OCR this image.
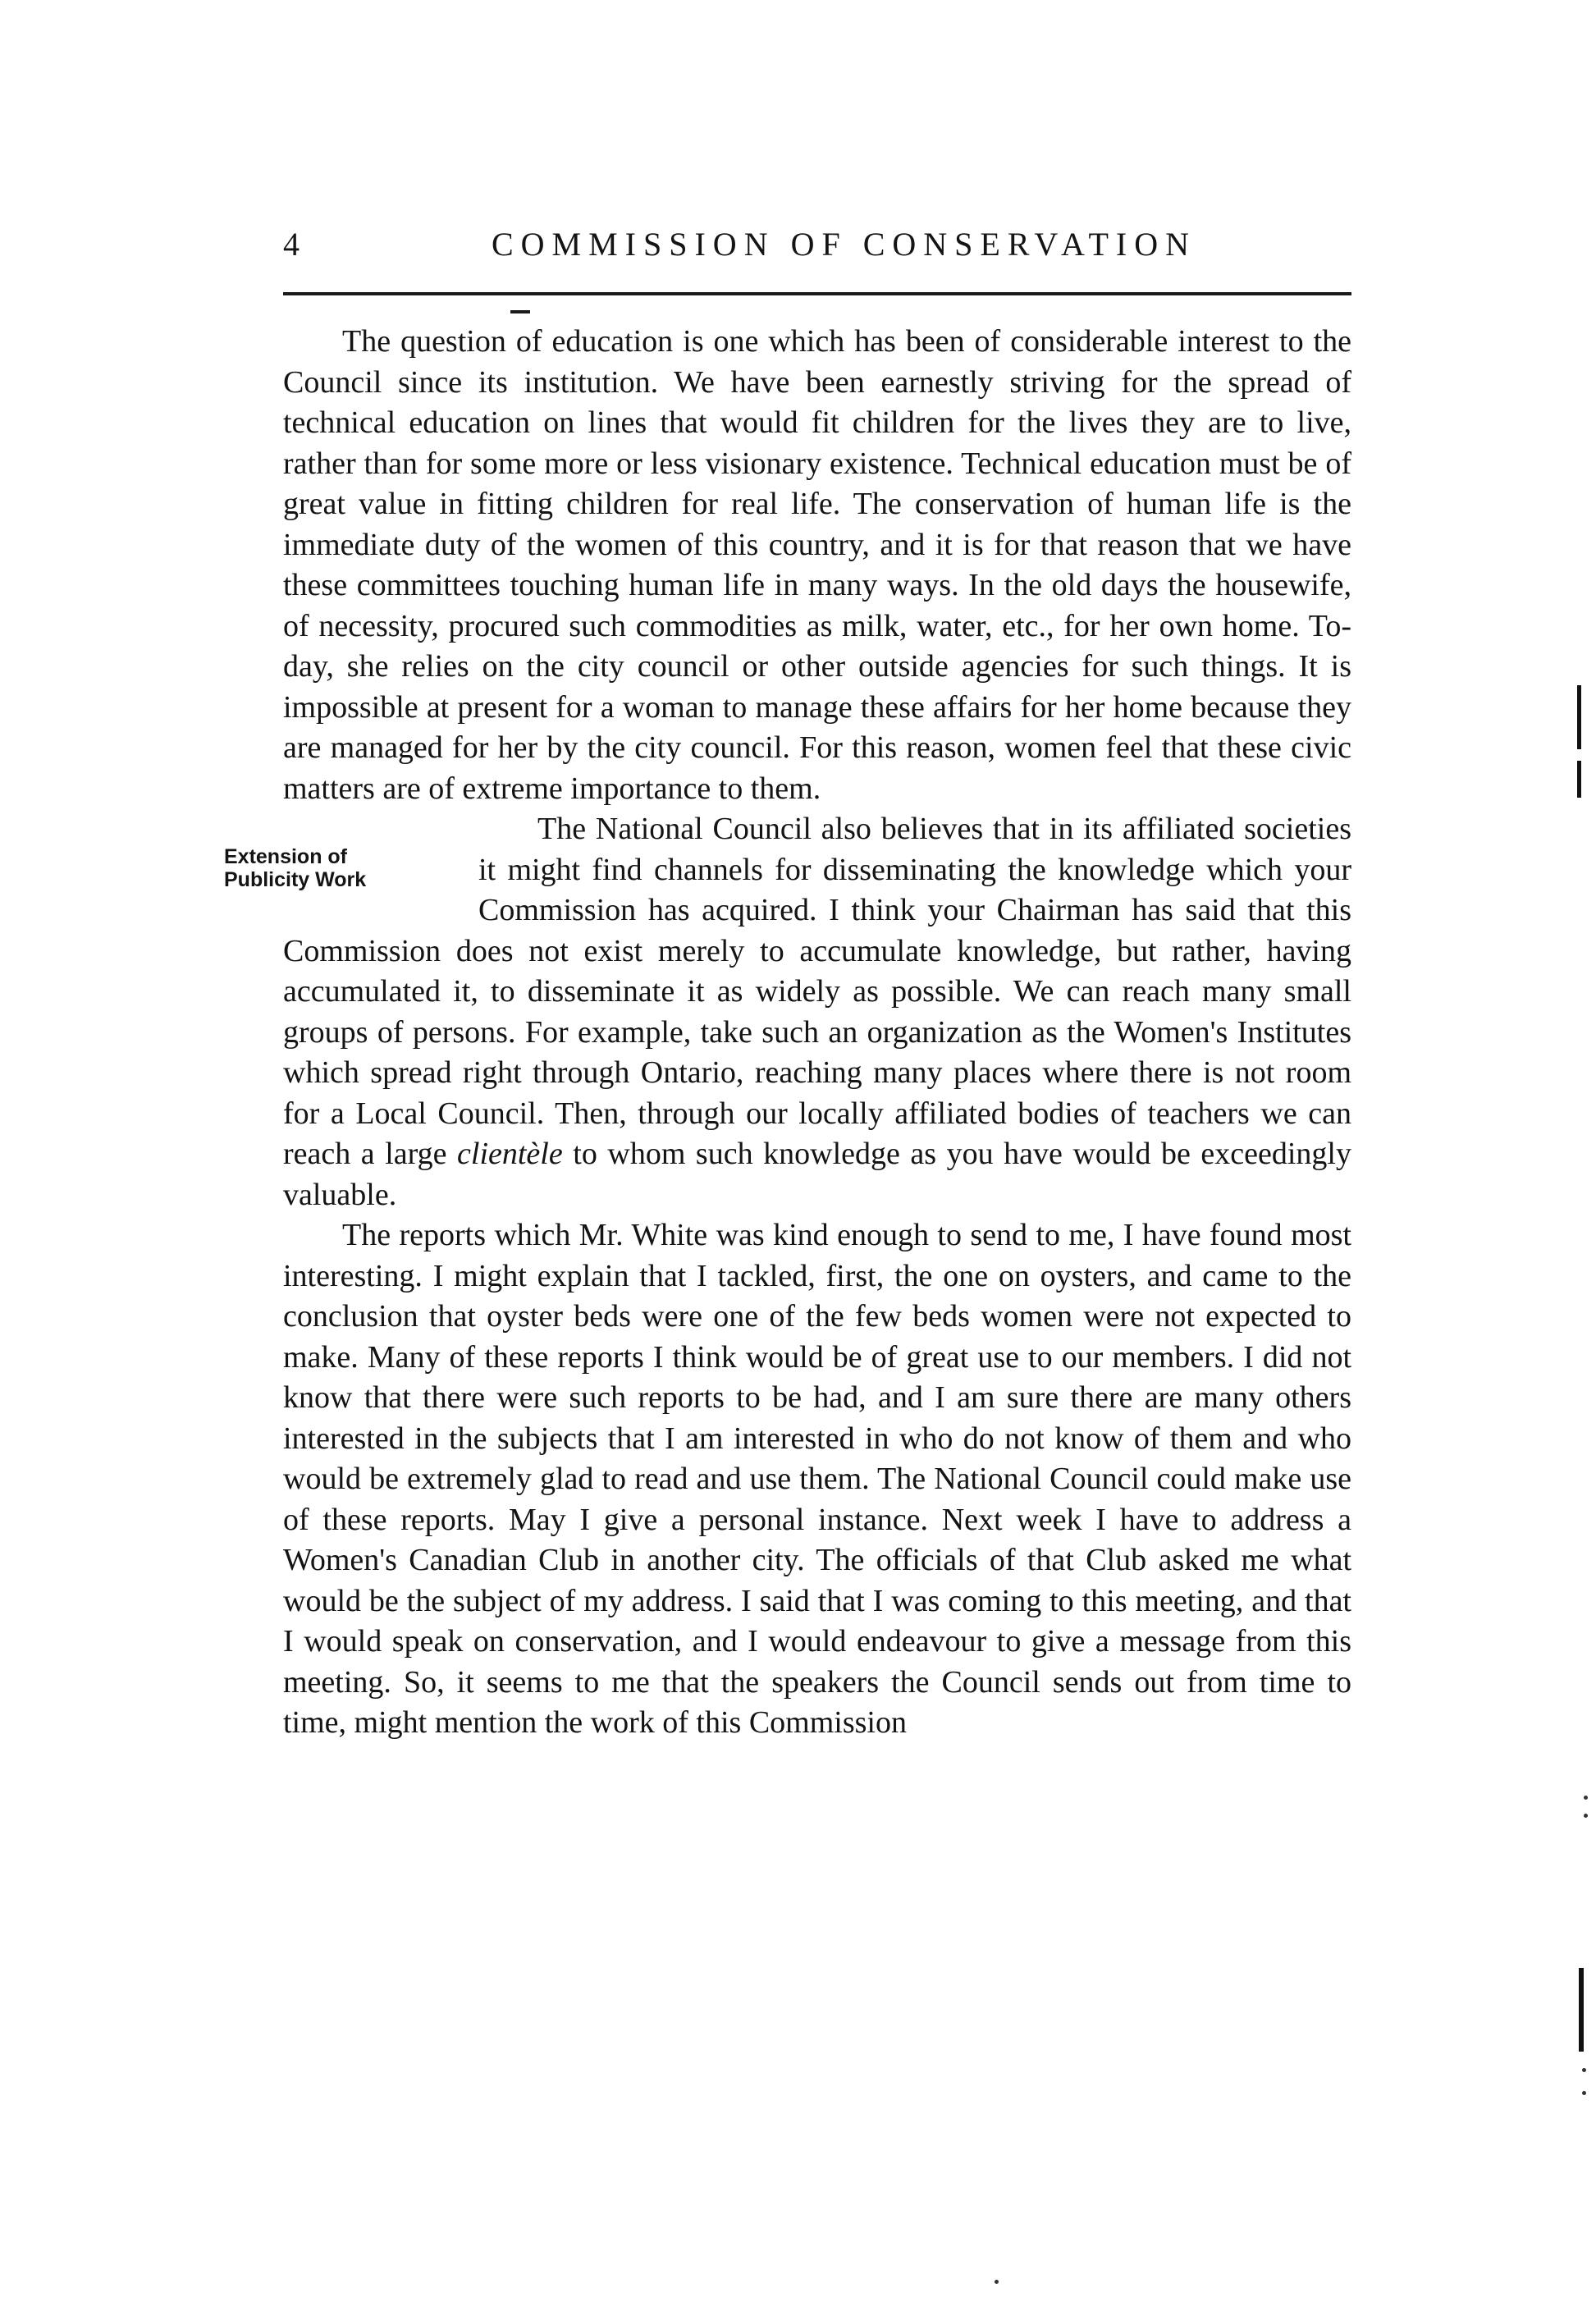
4	COMMISSION OF CONSERVATION

The question of education is one which has been of considerable interest to the Council since its institution. We have been earnestly striving for the spread of technical education on lines that would fit children for the lives they are to live, rather than for some more or less visionary existence. Technical education must be of great value in fitting children for real life. The conservation of human life is the immediate duty of the women of this country, and it is for that reason that we have these committees touching human life in many ways. In the old days the housewife, of necessity, procured such commodities as milk, water, etc., for her own home. To-day, she relies on the city council or other outside agencies for such things. It is impossible at present for a woman to manage these affairs for her home because they are managed for her by the city council. For this reason, women feel that these civic matters are of extreme importance to them.

Extension of
Publicity Work
The National Council also believes that in its affiliated societies it might find channels for disseminating the knowledge which your Commission has acquired. I think your Chairman has said that this Commission does not exist merely to accumulate knowledge, but rather, having accumulated it, to disseminate it as widely as possible. We can reach many small groups of persons. For example, take such an organization as the Women's Institutes which spread right through Ontario, reaching many places where there is not room for a Local Council. Then, through our locally affiliated bodies of teachers we can reach a large clientèle to whom such knowledge as you have would be exceedingly valuable.

The reports which Mr. White was kind enough to send to me, I have found most interesting. I might explain that I tackled, first, the one on oysters, and came to the conclusion that oyster beds were one of the few beds women were not expected to make. Many of these reports I think would be of great use to our members. I did not know that there were such reports to be had, and I am sure there are many others interested in the subjects that I am interested in who do not know of them and who would be extremely glad to read and use them. The National Council could make use of these reports. May I give a personal instance. Next week I have to address a Women's Canadian Club in another city. The officials of that Club asked me what would be the subject of my address. I said that I was coming to this meeting, and that I would speak on conservation, and I would endeavour to give a message from this meeting. So, it seems to me that the speakers the Council sends out from time to time, might mention the work of this Commission
